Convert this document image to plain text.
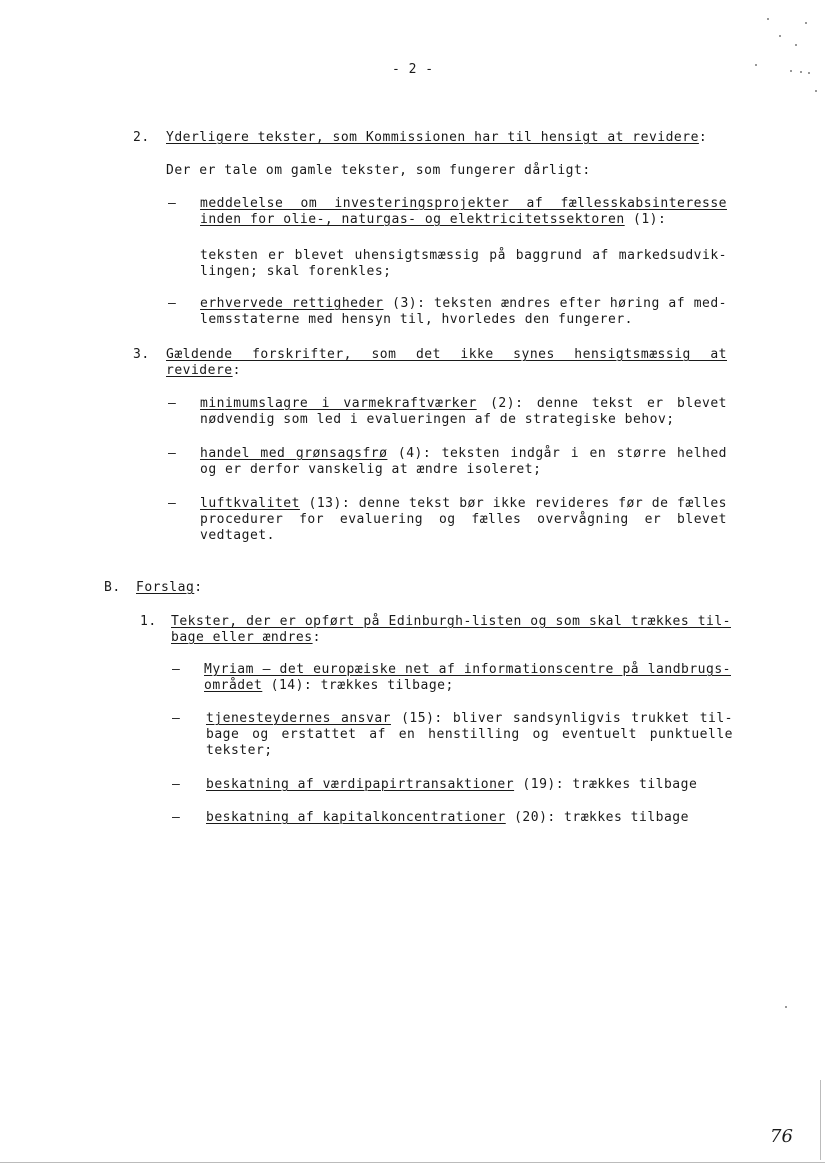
- 2 -
2. Yderligere tekster, som Kommissionen har til hensigt at revidere:
Der er tale om gamle tekster, som fungerer dårligt:
– meddelelse om investeringsprojekter af fællesskabsinteresse
inden for olie-, naturgas- og elektricitetssektoren (1):
teksten er blevet uhensigtsmæssig på baggrund af markedsudvik-
lingen; skal forenkles;
– erhvervede rettigheder (3): teksten ændres efter høring af med-
lemsstaterne med hensyn til, hvorledes den fungerer.
3. Gældende forskrifter, som det ikke synes hensigtsmæssig at
revidere:
– minimumslagre i varmekraftværker (2): denne tekst er blevet
nødvendig som led i evalueringen af de strategiske behov;
– handel med grønsagsfrø (4): teksten indgår i en større helhed
og er derfor vanskelig at ændre isoleret;
– luftkvalitet (13): denne tekst bør ikke revideres før de fælles
procedurer for evaluering og fælles overvågning er blevet
vedtaget.
B. Forslag:
1. Tekster, der er opført på Edinburgh-listen og som skal trækkes til-
bage eller ændres:
– Myriam – det europæiske net af informationscentre på landbrugs-
området (14): trækkes tilbage;
– tjenesteydernes ansvar (15): bliver sandsynligvis trukket til-
bage og erstattet af en henstilling og eventuelt punktuelle
tekster;
– beskatning af værdipapirtransaktioner (19): trækkes tilbage
– beskatning af kapitalkoncentrationer (20): trækkes tilbage
76
